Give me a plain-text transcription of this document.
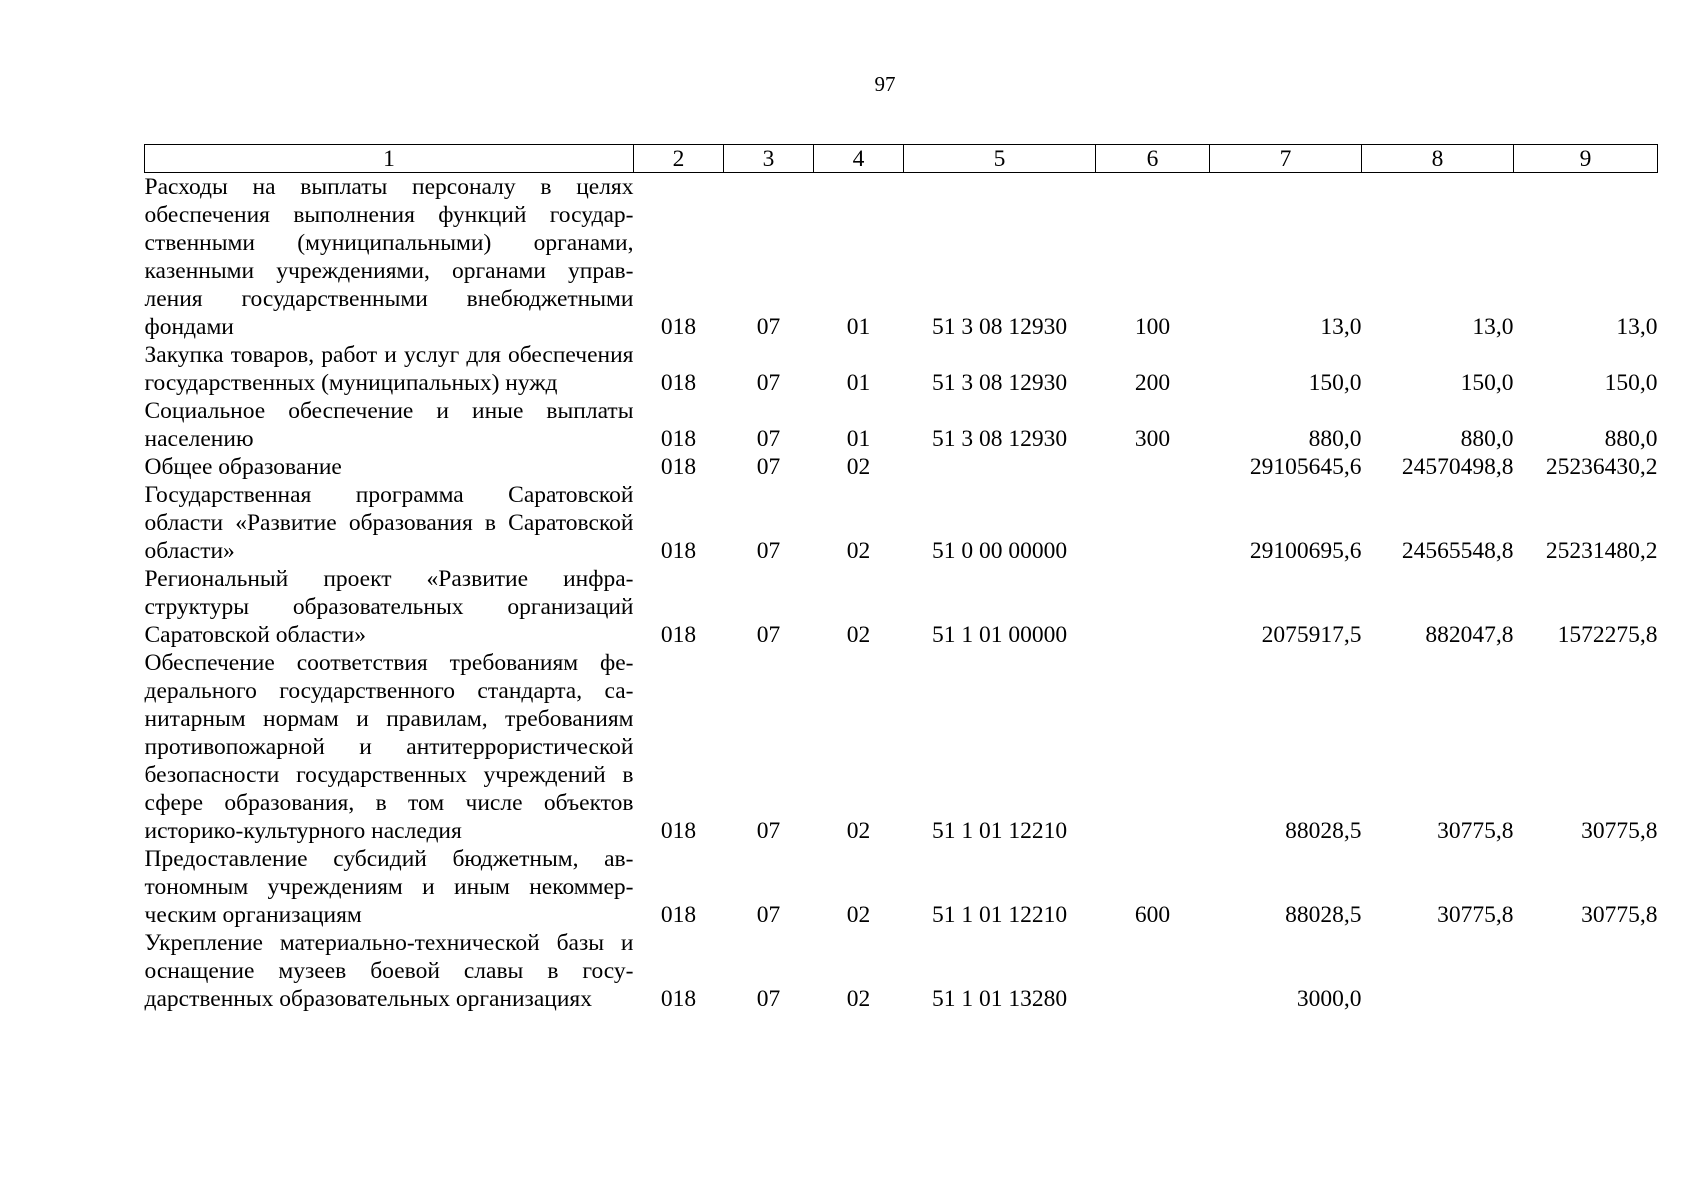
97
1	2	3	4	5	6	7	8	9
Расходы на выплаты персоналу в целях обеспечения выполнения функций государственными (муниципальными) органами, казенными учреждениями, органами управления государственными внебюджетными фондами	018	07	01	51 3 08 12930	100	13,0	13,0	13,0
Закупка товаров, работ и услуг для обеспечения государственных (муниципальных) нужд	018	07	01	51 3 08 12930	200	150,0	150,0	150,0
Социальное обеспечение и иные выплаты населению	018	07	01	51 3 08 12930	300	880,0	880,0	880,0
Общее образование	018	07	02			29105645,6	24570498,8	25236430,2
Государственная программа Саратовской области «Развитие образования в Саратовской области»	018	07	02	51 0 00 00000		29100695,6	24565548,8	25231480,2
Региональный проект «Развитие инфраструктуры образовательных организаций Саратовской области»	018	07	02	51 1 01 00000		2075917,5	882047,8	1572275,8
Обеспечение соответствия требованиям федерального государственного стандарта, санитарным нормам и правилам, требованиям противопожарной и антитеррористической безопасности государственных учреждений в сфере образования, в том числе объектов историко-культурного наследия	018	07	02	51 1 01 12210		88028,5	30775,8	30775,8
Предоставление субсидий бюджетным, автономным учреждениям и иным некоммерческим организациям	018	07	02	51 1 01 12210	600	88028,5	30775,8	30775,8
Укрепление материально-технической базы и оснащение музеев боевой славы в государственных образовательных организациях	018	07	02	51 1 01 13280		3000,0		
